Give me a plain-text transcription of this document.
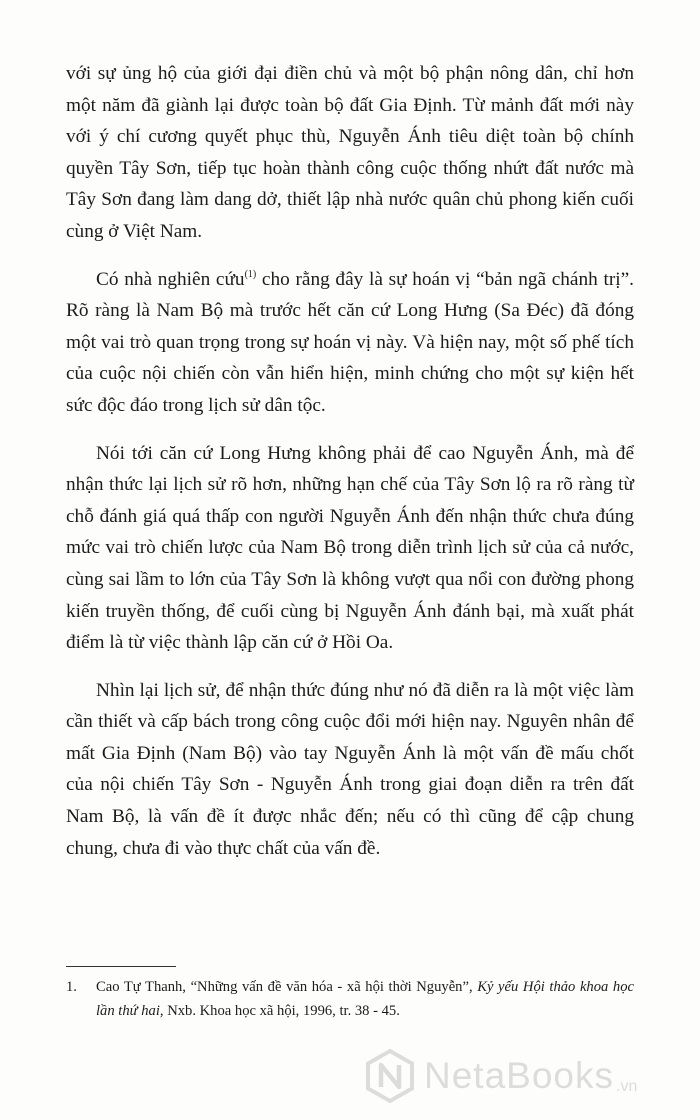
với sự ủng hộ của giới đại điền chủ và một bộ phận nông dân, chỉ hơn một năm đã giành lại được toàn bộ đất Gia Định. Từ mảnh đất mới này với ý chí cương quyết phục thù, Nguyễn Ánh tiêu diệt toàn bộ chính quyền Tây Sơn, tiếp tục hoàn thành công cuộc thống nhứt đất nước mà Tây Sơn đang làm dang dở, thiết lập nhà nước quân chủ phong kiến cuối cùng ở Việt Nam.

Có nhà nghiên cứu$^{(1)}$ cho rằng đây là sự hoán vị “bản ngã chánh trị”. Rõ ràng là Nam Bộ mà trước hết căn cứ Long Hưng (Sa Đéc) đã đóng một vai trò quan trọng trong sự hoán vị này. Và hiện nay, một số phế tích của cuộc nội chiến còn vẫn hiển hiện, minh chứng cho một sự kiện hết sức độc đáo trong lịch sử dân tộc.

Nói tới căn cứ Long Hưng không phải để cao Nguyễn Ánh, mà để nhận thức lại lịch sử rõ hơn, những hạn chế của Tây Sơn lộ ra rõ ràng từ chỗ đánh giá quá thấp con người Nguyễn Ánh đến nhận thức chưa đúng mức vai trò chiến lược của Nam Bộ trong diễn trình lịch sử của cả nước, cùng sai lầm to lớn của Tây Sơn là không vượt qua nổi con đường phong kiến truyền thống, để cuối cùng bị Nguyễn Ánh đánh bại, mà xuất phát điểm là từ việc thành lập căn cứ ở Hồi Oa.

Nhìn lại lịch sử, để nhận thức đúng như nó đã diễn ra là một việc làm cần thiết và cấp bách trong công cuộc đổi mới hiện nay. Nguyên nhân để mất Gia Định (Nam Bộ) vào tay Nguyễn Ánh là một vấn đề mấu chốt của nội chiến Tây Sơn - Nguyễn Ánh trong giai đoạn diễn ra trên đất Nam Bộ, là vấn đề ít được nhắc đến; nếu có thì cũng để cập chung chung, chưa đi vào thực chất của vấn đề.

1.	Cao Tự Thanh, “Những vấn đề văn hóa - xã hội thời Nguyễn”, Kỷ yếu Hội thảo khoa học lần thứ hai, Nxb. Khoa học xã hội, 1996, tr. 38 - 45.
NetaBooks .vn
